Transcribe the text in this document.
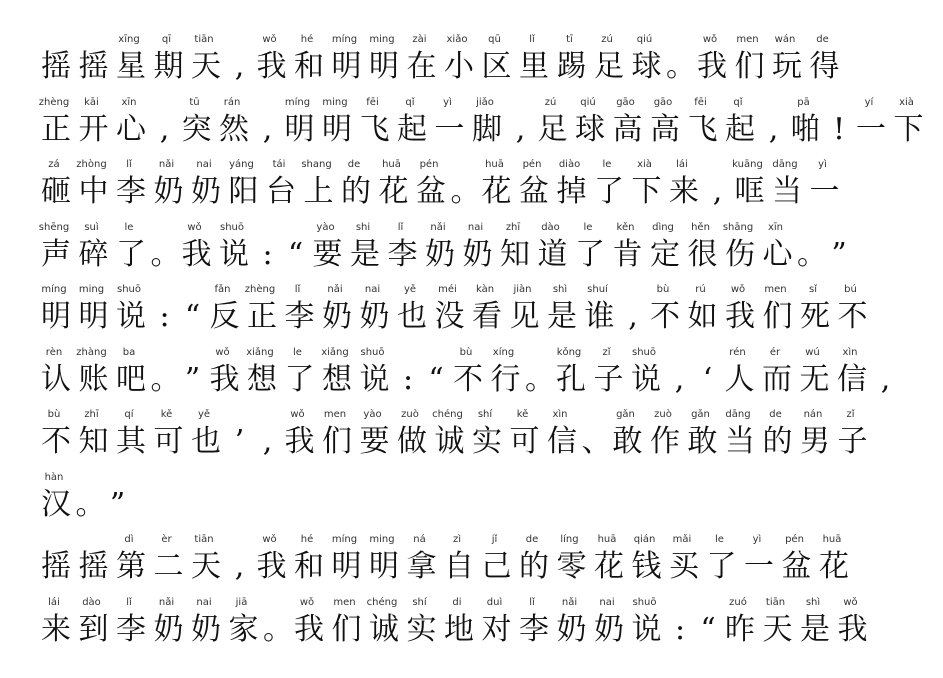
摇 摇
xīng
星
qī
期
tiān
天 ,
wǒ
我
hé
和
míng
明
ming
明
zài
在
xiǎo
小
qū
区
lǐ
里
tī
踢
zú
足
qiú
球 。
wǒ
我
men
们
wán
玩
de
得
zhèng
正
kāi
开
xīn
心 ,
tū
突
rán
然 ,
míng
明
ming
明
fēi
飞
qǐ
起
yì
一
jiǎo
脚 ,
zú
足
qiú
球
gāo
高
gāo
高
fēi
飞
qǐ
起 ,
pā
啪 !
yí
一
xià
下
zá
砸
zhòng
中
lǐ
李
nǎi
奶
nai
奶
yáng
阳
tái
台
shang
上
de
的
huā
花
pén
盆 。
huā
花
pén
盆
diào
掉
le
了
xià
下
lái
来 ,
kuāng
哐
dāng
当
yì
一
shēng
声
suì
碎
le
了 。
wǒ
我
shuō
说 : “
yào
要
shi
是
lǐ
李
nǎi
奶
nai
奶
zhī
知
dào
道
le
了
kěn
肯
dìng
定
hěn
很
shāng
伤
xīn
心 。 ”
míng
明
ming
明
shuō
说 : “
fǎn
反
zhèng
正
lǐ
李
nǎi
奶
nai
奶
yě
也
méi
没
kàn
看
jiàn
见
shì
是
shuí
谁 ,
bù
不
rú
如
wǒ
我
men
们
sǐ
死
bú
不
rèn
认
zhàng
账
ba
吧 。 ”
wǒ
我
xiǎng
想
le
了
xiǎng
想
shuō
说 : “
bù
不
xíng
行 。
kǒng
孔
zǐ
子
shuō
说 , ‘
rén
人
ér
而
wú
无
xìn
信 ,
bù
不
zhī
知
qí
其
kě
可
yě
也 ’ ,
wǒ
我
men
们
yào
要
zuò
做
chéng
诚
shí
实
kě
可
xìn
信 、
gǎn
敢
zuò
作
gǎn
敢
dāng
当
de
的
nán
男
zǐ
子
hàn
汉 。 ”
摇 摇
dì
第
èr
二
tiān
天 ,
wǒ
我
hé
和
míng
明
ming
明
ná
拿
zì
自
jǐ
己
de
的
líng
零
huā
花
qián
钱
mǎi
买
le
了
yì
一
pén
盆
huā
花
lái
来
dào
到
lǐ
李
nǎi
奶
nai
奶
jiā
家 。
wǒ
我
men
们
chéng
诚
shí
实
di
地
duì
对
lǐ
李
nǎi
奶
nai
奶
shuō
说 : “
zuó
昨
tiān
天
shì
是
wǒ
我
